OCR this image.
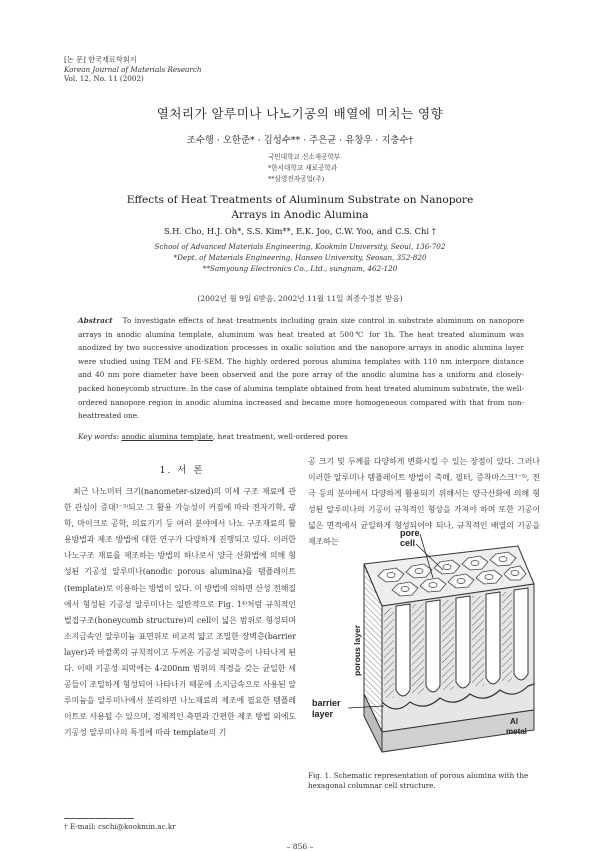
[논 문] 한국재료학회지
Korean Journal of Materials Research
Vol. 12, No. 11 (2002)
열처리가 알루미나 나노기공의 배열에 미치는 영향
조수행 · 오한준* · 김성수** · 주은균 · 유창우 · 지충수†
국민대학교 신소재공학부
*한서대학교 재료공학과
**삼영전자공업(주)
Effects of Heat Treatments of Aluminum Substrate on Nanopore
Arrays in Anodic Alumina
S.H. Cho, H.J. Oh*, S.S. Kim**, E.K. Joo, C.W. Yoo, and C.S. Chi †
School of Advanced Materials Engineering, Kookmin University, Seoul, 136-702
*Dept. of Materials Engineering, Hanseo University, Seosan, 352-820
**Samyoung Electronics Co., Ltd., sungnam, 462-120
(2002년 월 9일 6받음, 2002년 11월 11일 최종수정본 받음)
Abstract To investigate effects of heat treatments including grain size control in substrate aluminum on nanopore arrays in anodic alumina template, aluminum was heat treated at 500℃ for 1h. The heat treated aluminum was anodized by two successive anodization processes in oxalic solution and the nanopore arrays in anodic alumina layer were studied using TEM and FE-SEM. The highly ordered porous alumina templates with 110 nm interpore distance and 40 nm pore diameter have been observed and the pore array of the anodic alumina has a uniform and closely-packed honeycomb structure. In the case of alumina template obtained from heat treated aluminum substrate, the well-ordered nanopore region in anodic alumina increased and became more homogeneous compared with that from non-heattreated one.
Key words: anodic alumina template, heat treatment, well-ordered pores
1. 서 론

최근 나노미터 크기(nanometer-sized)의 미세 구조 재료에 관한 관심이 증대¹⁻³⁾되고 그 활용 가능성이 커짐에 따라 전자기학, 광학, 마이크로 공학, 의료기기 등 여러 분야에서 나노 구조재료의 활용방법과 제조 방법에 대한 연구가 다양하게 진행되고 있다. 이러한 나노구조 재료를 제조하는 방법의 하나로서 양극 산화법에 의해 형성된 기공성 알루미나(anodic porous alumina)를 템플레이트(template)로 이용하는 방법이 있다. 이 방법에 의하면 산성 전해질에서 형성된 기공성 알루미나는 일반적으로 Fig. 1⁴⁾처럼 규칙적인 벌집구조(honeycomb structure)의 cell이 넓은 범위로 형성되며 소지금속인 알루미늄 표면위로 비교적 얇고 조밀한 장벽층(barrier layer)과 바깥쪽의 규칙적이고 두꺼운 기공성 피막층이 나타나게 된다. 이때 기공성 피막에는 4-200nm 범위의 직경을 갖는 균일한 세공들이 조밀하게 형성되어 나타나기 때문에 소지금속으로 사용된 알루미늄을 알루미나에서 분리하면 나노재료의 제조에 필요한 템플레이트로 사용될 수 있으며, 경제적인 측면과 간편한 제조 방법 외에도 기공성 알루미나의 특징에 따라 template의 기

공 크기 및 두께를 다양하게 변화시킬 수 있는 장점이 있다. 그러나 이러한 알루미나 템플레이트 방법이 촉매, 필터, 증착마스크³⁻⁵⁾, 전극 등의 분야에서 다양하게 활용되기 위해서는 양극산화에 의해 형성된 알루미나의 기공이 규칙적인 형상을 가져야 하며 또한 기공이 넓은 면적에서 균일하게 형성되어야 되나, 규칙적인 배열의 기공을 제조하는

pore
cell
porous layer
barrier
layer
Al
metal
Fig. 1. Schematic representation of porous alumina with the hexagonal columnar cell structure.
† E-mail: cschi@kookmin.ac.kr
– 856 –
